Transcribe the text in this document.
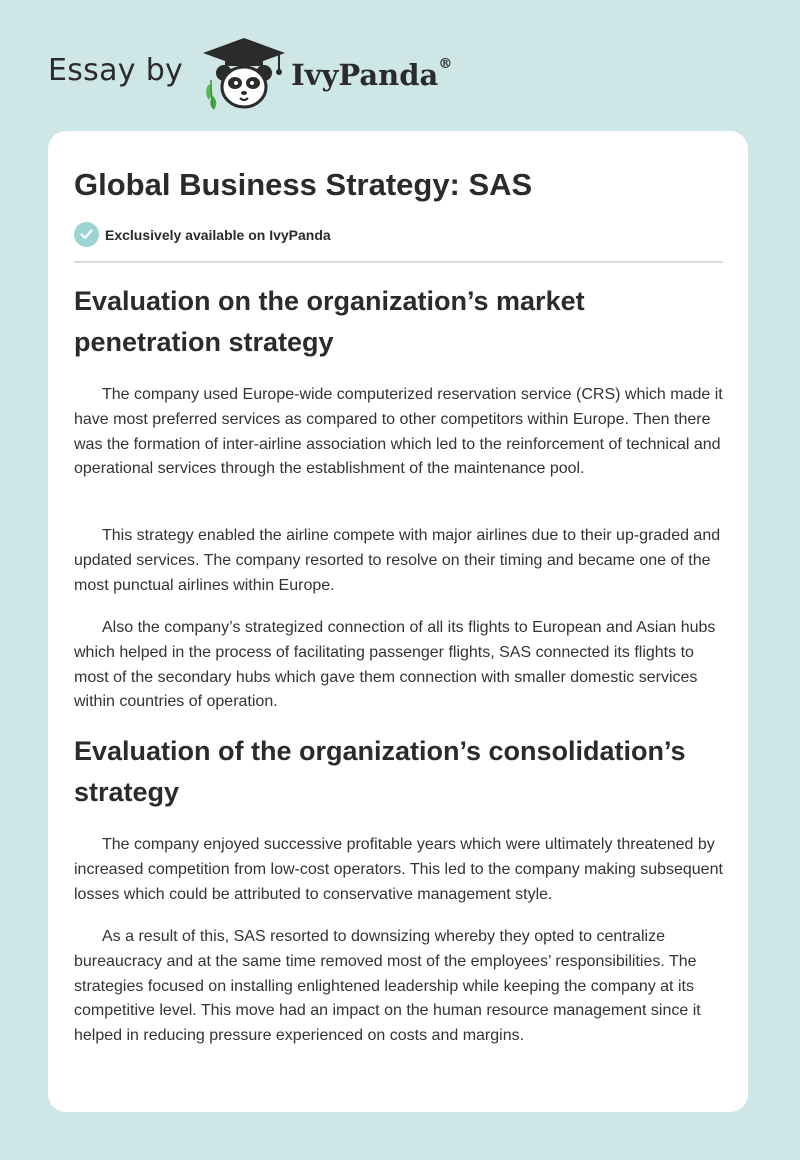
Essay by	IvyPanda®
Global Business Strategy: SAS
Exclusively available on IvyPanda
Evaluation on the organization’s market penetration strategy

The company used Europe-wide computerized reservation service (CRS) which made it have most preferred services as compared to other competitors within Europe. Then there was the formation of inter-airline association which led to the reinforcement of technical and operational services through the establishment of the maintenance pool.

This strategy enabled the airline compete with major airlines due to their up-graded and updated services. The company resorted to resolve on their timing and became one of the most punctual airlines within Europe.

Also the company’s strategized connection of all its flights to European and Asian hubs which helped in the process of facilitating passenger flights, SAS connected its flights to most of the secondary hubs which gave them connection with smaller domestic services within countries of operation.

Evaluation of the organization’s consolidation’s strategy

The company enjoyed successive profitable years which were ultimately threatened by increased competition from low-cost operators. This led to the company making subsequent losses which could be attributed to conservative management style.

As a result of this, SAS resorted to downsizing whereby they opted to centralize bureaucracy and at the same time removed most of the employees’ responsibilities. The strategies focused on installing enlightened leadership while keeping the company at its competitive level. This move had an impact on the human resource management since it helped in reducing pressure experienced on costs and margins.
